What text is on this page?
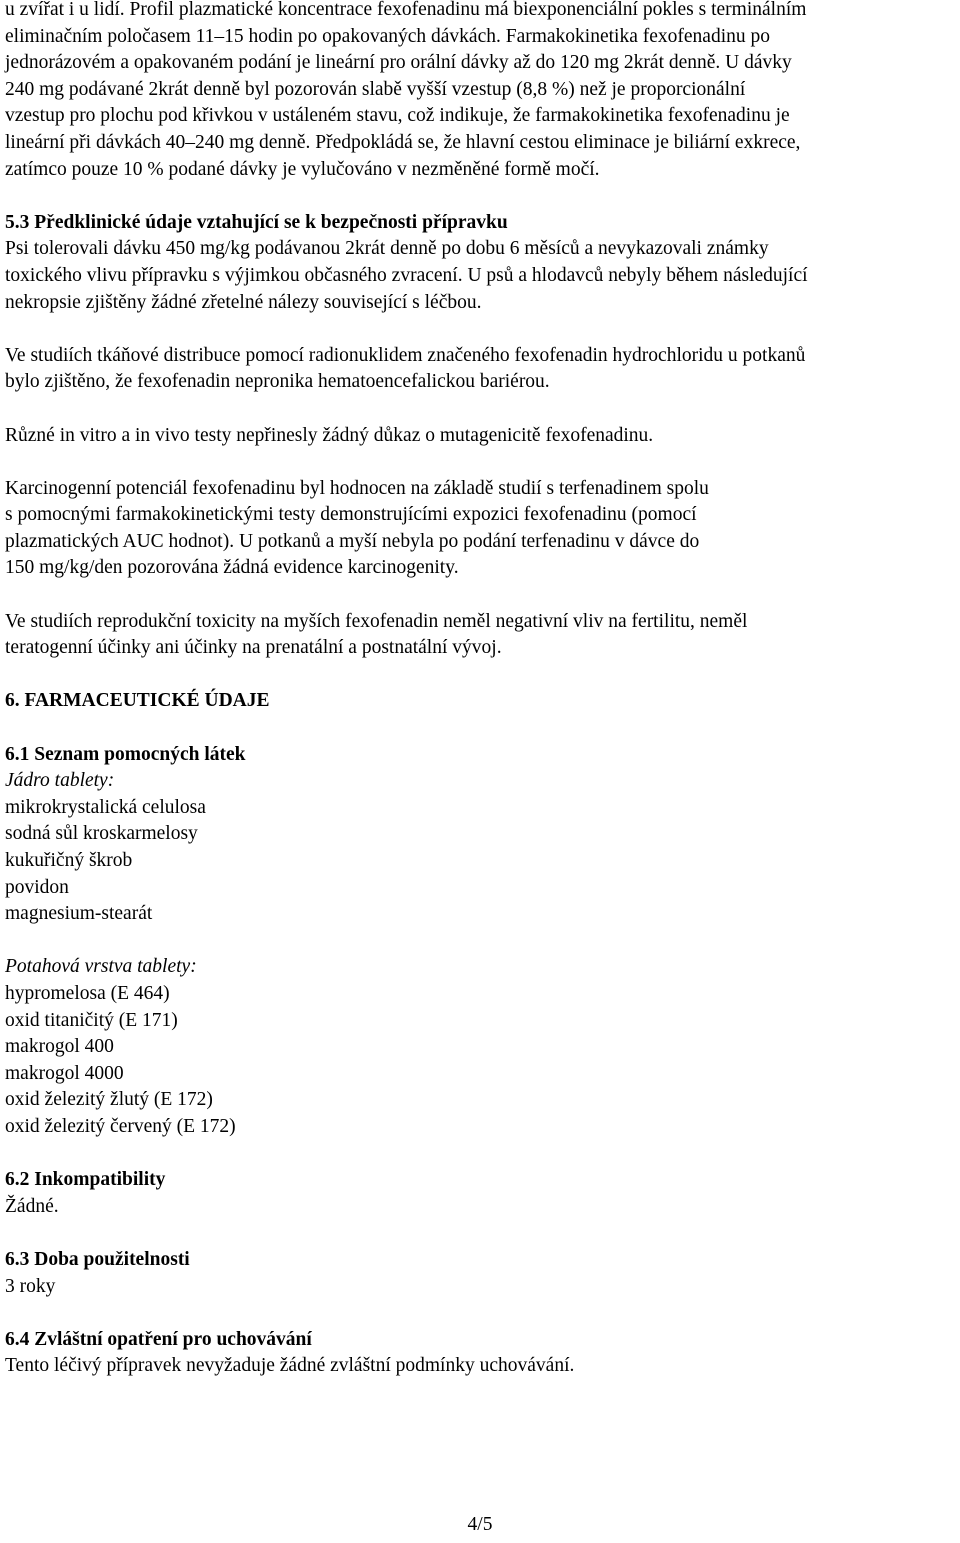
u zvířat i u lidí. Profil plazmatické koncentrace fexofenadinu má biexponenciální pokles s terminálním
eliminačním poločasem 11–15 hodin po opakovaných dávkách. Farmakokinetika fexofenadinu po
jednorázovém a opakovaném podání je lineární pro orální dávky až do 120 mg 2krát denně. U dávky
240 mg podávané 2krát denně byl pozorován slabě vyšší vzestup (8,8 %) než je proporcionální
vzestup pro plochu pod křivkou v ustáleném stavu, což indikuje, že farmakokinetika fexofenadinu je
lineární při dávkách 40–240 mg denně. Předpokládá se, že hlavní cestou eliminace je biliární exkrece,
zatímco pouze 10 % podané dávky je vylučováno v nezměněné formě močí.

5.3 Předklinické údaje vztahující se k bezpečnosti přípravku

Psi tolerovali dávku 450 mg/kg podávanou 2krát denně po dobu 6 měsíců a nevykazovali známky
toxického vlivu přípravku s výjimkou občasného zvracení. U psů a hlodavců nebyly během následující
nekropsie zjištěny žádné zřetelné nálezy související s léčbou.
Ve studiích tkáňové distribuce pomocí radionuklidem značeného fexofenadin hydrochloridu u potkanů
bylo zjištěno, že fexofenadin nepronika hematoencefalickou bariérou.
Různé in vitro a in vivo testy nepřinesly žádný důkaz o mutagenicitě fexofenadinu.
Karcinogenní potenciál fexofenadinu byl hodnocen na základě studií s terfenadinem spolu
s pomocnými farmakokinetickými testy demonstrujícími expozici fexofenadinu (pomocí
plazmatických AUC hodnot). U potkanů a myší nebyla po podání terfenadinu v dávce do
150 mg/kg/den pozorována žádná evidence karcinogenity.
Ve studiích reprodukční toxicity na myších fexofenadin neměl negativní vliv na fertilitu, neměl
teratogenní účinky ani účinky na prenatální a postnatální vývoj.

6. FARMACEUTICKÉ ÚDAJE

6.1 Seznam pomocných látek

Jádro tablety:

mikrokrystalická celulosa
sodná sůl kroskarmelosy
kukuřičný škrob
povidon
magnesium-stearát

Potahová vrstva tablety:

hypromelosa (E 464)
oxid titaničitý (E 171)
makrogol 400
makrogol 4000
oxid železitý žlutý (E 172)
oxid železitý červený (E 172)

6.2 Inkompatibility

Žádné.

6.3 Doba použitelnosti

3 roky

6.4 Zvláštní opatření pro uchovávání

Tento léčivý přípravek nevyžaduje žádné zvláštní podmínky uchovávání.

4/5
